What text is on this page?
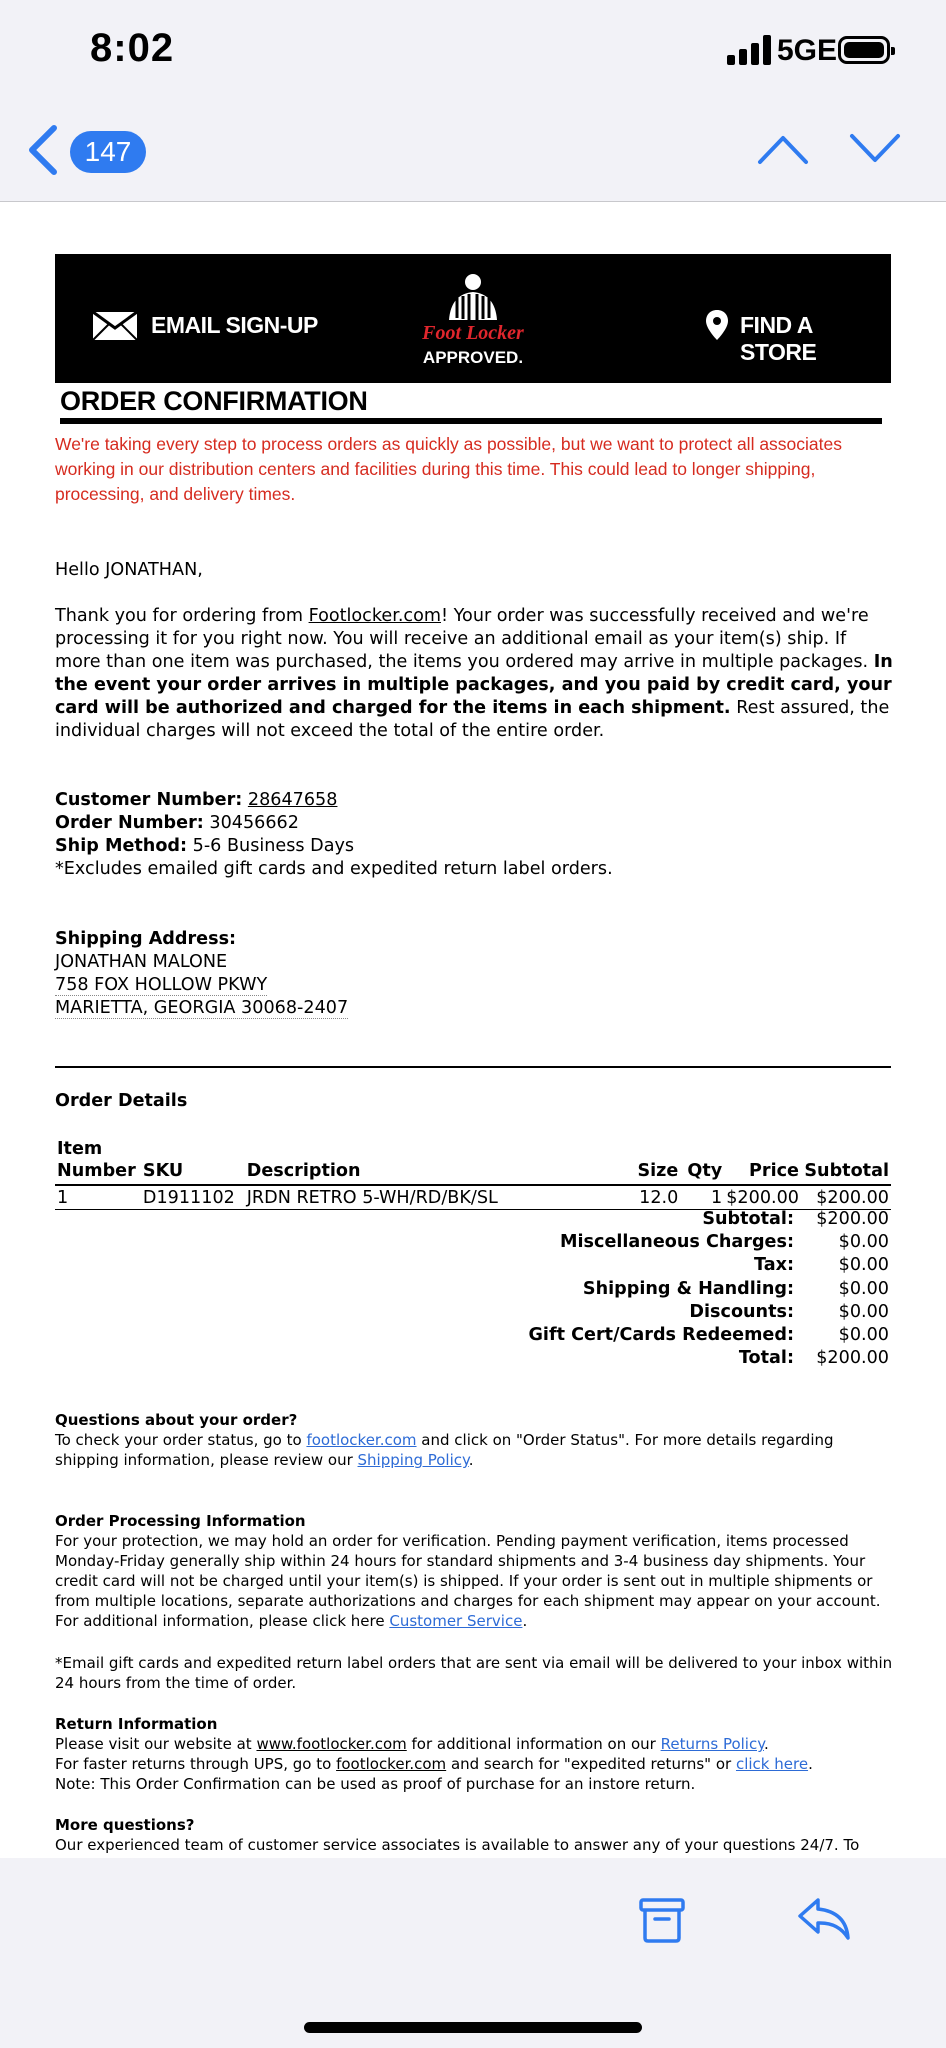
8:02	5GE
147
EMAIL SIGN-UP	Foot Locker
APPROVED.
FIND A STORE
ORDER CONFIRMATION
We're taking every step to process orders as quickly as possible, but we want to protect all associates working in our distribution centers and facilities during this time. This could lead to longer shipping, processing, and delivery times.
Hello JONATHAN,
Thank you for ordering from Footlocker.com! Your order was successfully received and we're processing it for you right now. You will receive an additional email as your item(s) ship. If more than one item was purchased, the items you ordered may arrive in multiple packages. In the event your order arrives in multiple packages, and you paid by credit card, your card will be authorized and charged for the items in each shipment. Rest assured, the individual charges will not exceed the total of the entire order.
Customer Number: 28647658
Order Number: 30456662
Ship Method: 5-6 Business Days
*Excludes emailed gift cards and expedited return label orders.
Shipping Address:
JONATHAN MALONE
758 FOX HOLLOW PKWY
MARIETTA, GEORGIA 30068-2407
Order Details
Item
Number	SKU	Description	Size	Qty	Price	Subtotal
1	D1911102	JRDN RETRO 5-WH/RD/BK/SL	12.0	1	$200.00	$200.00
Subtotal: $200.00
Miscellaneous Charges:	$0.00
Tax:	$0.00
Shipping & Handling:	$0.00
Discounts:	$0.00
Gift Cert/Cards Redeemed:	$0.00
Total: $200.00
Questions about your order?
To check your order status, go to footlocker.com and click on "Order Status". For more details regarding shipping information, please review our Shipping Policy.
Order Processing Information
For your protection, we may hold an order for verification. Pending payment verification, items processed Monday-Friday generally ship within 24 hours for standard shipments and 3-4 business day shipments. Your credit card will not be charged until your item(s) is shipped. If your order is sent out in multiple shipments or from multiple locations, separate authorizations and charges for each shipment may appear on your account. For additional information, please click here Customer Service.
*Email gift cards and expedited return label orders that are sent via email will be delivered to your inbox within 24 hours from the time of order.
Return Information
Please visit our website at www.footlocker.com for additional information on our Returns Policy.
For faster returns through UPS, go to footlocker.com and search for "expedited returns" or click here.
Note: This Order Confirmation can be used as proof of purchase for an instore return.
More questions?
Our experienced team of customer service associates is available to answer any of your questions 24/7. To
